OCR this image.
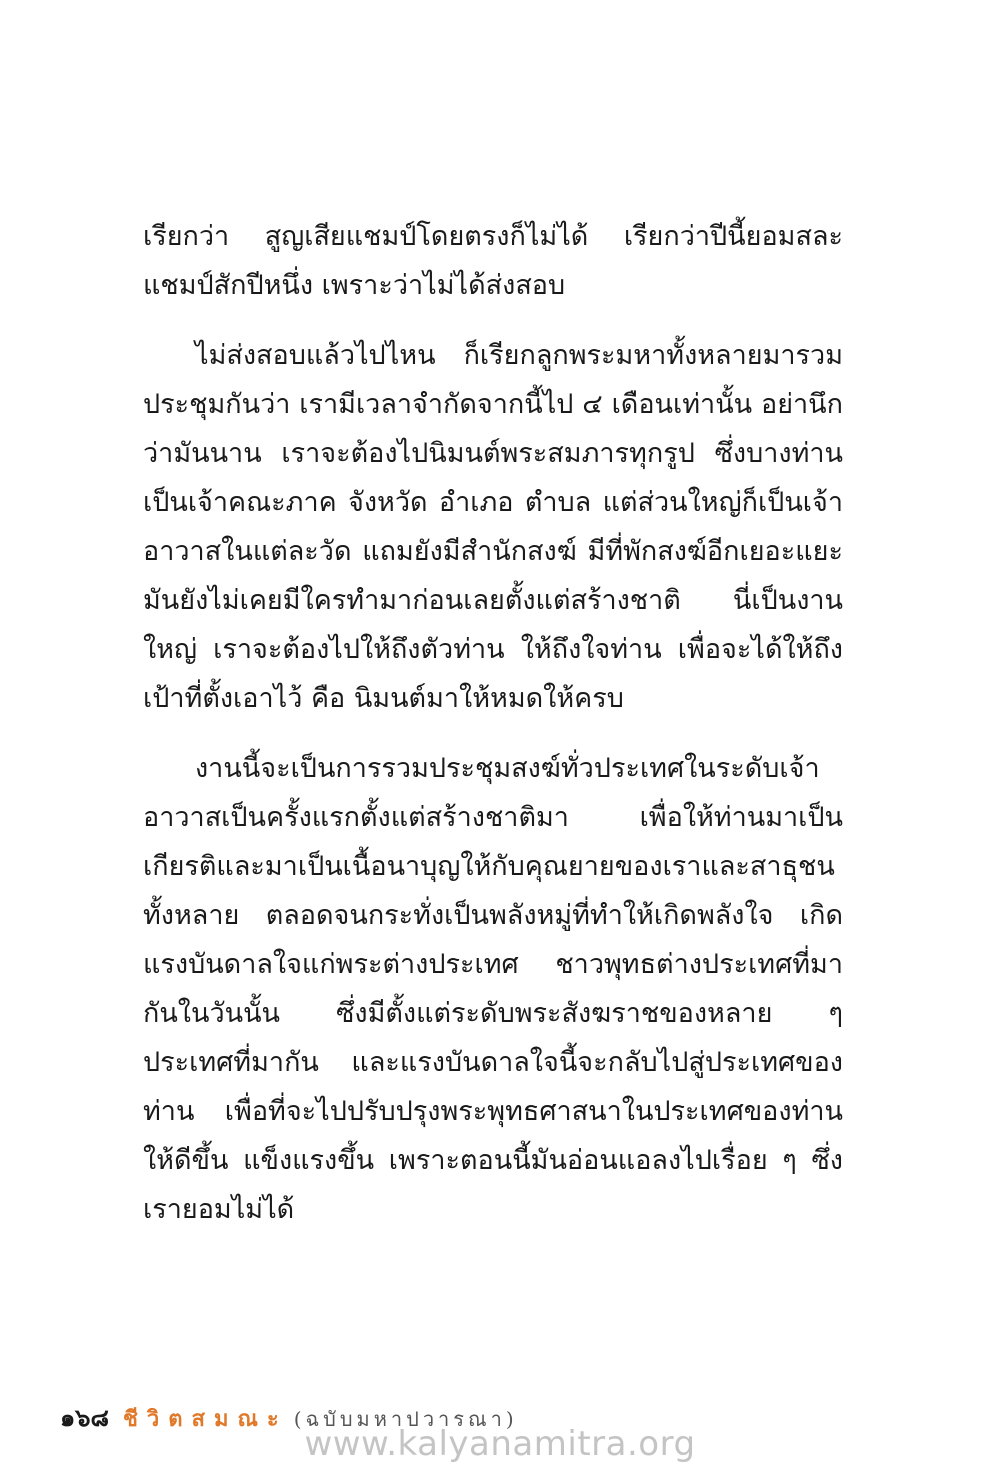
เรียกว่า สูญเสียแชมป์โดยตรงก็ไม่ได้ เรียกว่าปีนี้ยอมสละแชมป์สักปีหนึ่ง เพราะว่าไม่ได้ส่งสอบ

ไม่ส่งสอบแล้วไปไหน ก็เรียกลูกพระมหาทั้งหลายมารวมประชุมกันว่า เรามีเวลาจำกัดจากนี้ไป ๔ เดือนเท่านั้น อย่านึกว่ามันนาน เราจะต้องไปนิมนต์พระสมภารทุกรูป ซึ่งบางท่านเป็นเจ้าคณะภาค จังหวัด อำเภอ ตำบล แต่ส่วนใหญ่ก็เป็นเจ้าอาวาสในแต่ละวัด แถมยังมีสำนักสงฆ์ มีที่พักสงฆ์อีกเยอะแยะ มันยังไม่เคยมีใครทำมาก่อนเลยตั้งแต่สร้างชาติ นี่เป็นงานใหญ่ เราจะต้องไปให้ถึงตัวท่าน ให้ถึงใจท่าน เพื่อจะได้ให้ถึงเป้าที่ตั้งเอาไว้ คือ นิมนต์มาให้หมดให้ครบ

งานนี้จะเป็นการรวมประชุมสงฆ์ทั่วประเทศในระดับเจ้าอาวาสเป็นครั้งแรกตั้งแต่สร้างชาติมา เพื่อให้ท่านมาเป็นเกียรติและมาเป็นเนื้อนาบุญให้กับคุณยายของเราและสาธุชนทั้งหลาย ตลอดจนกระทั่งเป็นพลังหมู่ที่ทำให้เกิดพลังใจ เกิดแรงบันดาลใจแก่พระต่างประเทศ ชาวพุทธต่างประเทศที่มากันในวันนั้น ซึ่งมีตั้งแต่ระดับพระสังฆราชของหลาย ๆ ประเทศที่มากัน และแรงบันดาลใจนี้จะกลับไปสู่ประเทศของท่าน เพื่อที่จะไปปรับปรุงพระพุทธศาสนาในประเทศของท่านให้ดีขึ้น แข็งแรงขึ้น เพราะตอนนี้มันอ่อนแอลงไปเรื่อย ๆ ซึ่งเรายอมไม่ได้

๑๖๘ ชีวิตสมณะ (ฉบับมหาปวารณา)
www.kalyanamitra.org
